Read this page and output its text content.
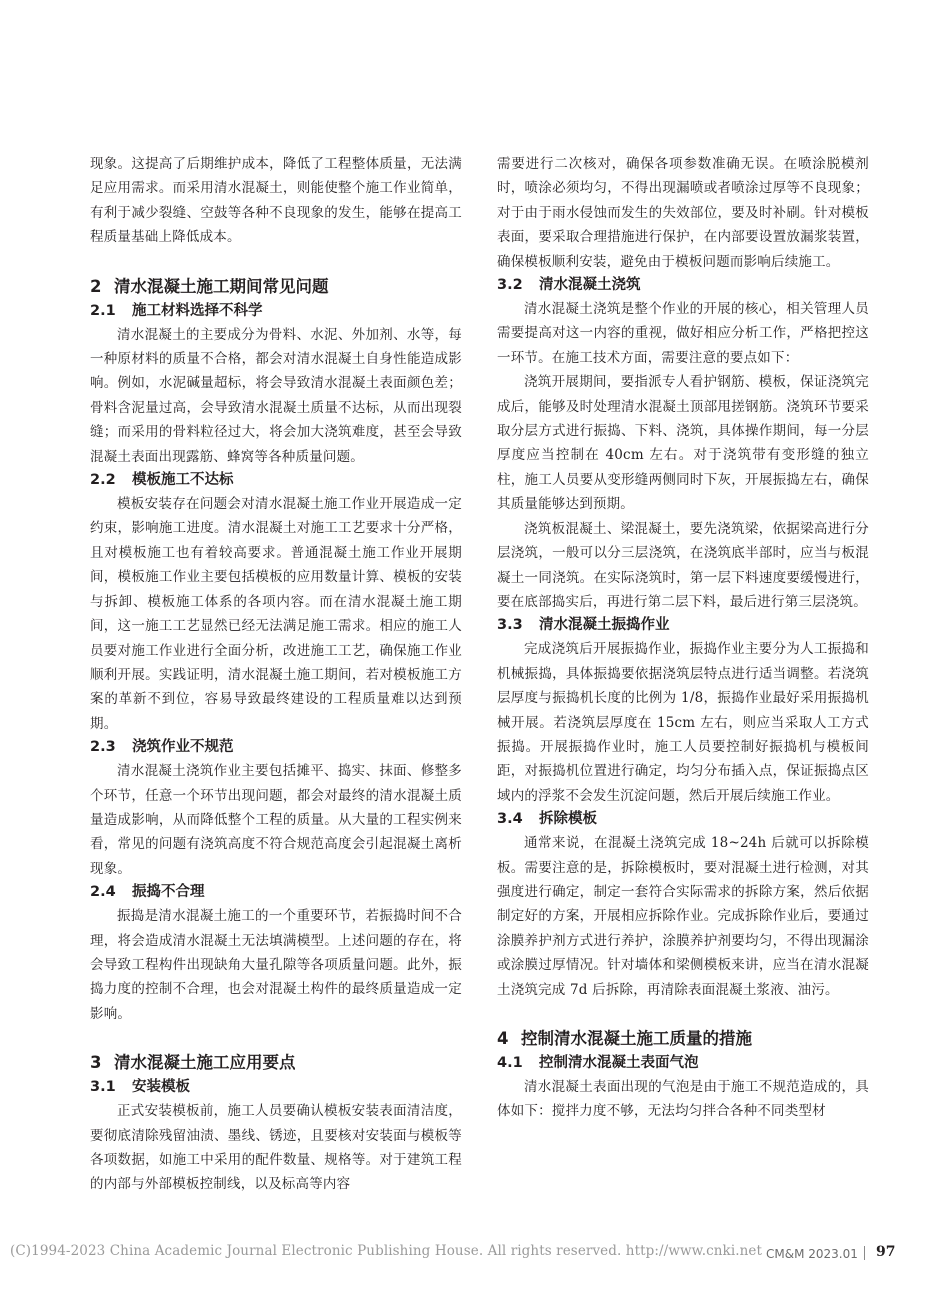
现象。这提高了后期维护成本，降低了工程整体质量，无法满足应用需求。而采用清水混凝土，则能使整个施工作业简单，有利于减少裂缝、空鼓等各种不良现象的发生，能够在提高工程质量基础上降低成本。

2 清水混凝土施工期间常见问题
2.1 施工材料选择不科学

清水混凝土的主要成分为骨料、水泥、外加剂、水等，每一种原材料的质量不合格，都会对清水混凝土自身性能造成影响。例如，水泥碱量超标，将会导致清水混凝土表面颜色差；骨料含泥量过高，会导致清水混凝土质量不达标，从而出现裂缝；而采用的骨料粒径过大，将会加大浇筑难度，甚至会导致混凝土表面出现露筋、蜂窝等各种质量问题。

2.2 模板施工不达标

模板安装存在问题会对清水混凝土施工作业开展造成一定约束，影响施工进度。清水混凝土对施工工艺要求十分严格，且对模板施工也有着较高要求。普通混凝土施工作业开展期间，模板施工作业主要包括模板的应用数量计算、模板的安装与拆卸、模板施工体系的各项内容。而在清水混凝土施工期间，这一施工工艺显然已经无法满足施工需求。相应的施工人员要对施工作业进行全面分析，改进施工工艺，确保施工作业顺利开展。实践证明，清水混凝土施工期间，若对模板施工方案的革新不到位，容易导致最终建设的工程质量难以达到预期。

2.3 浇筑作业不规范

清水混凝土浇筑作业主要包括摊平、捣实、抹面、修整多个环节，任意一个环节出现问题，都会对最终的清水混凝土质量造成影响，从而降低整个工程的质量。从大量的工程实例来看，常见的问题有浇筑高度不符合规范高度会引起混凝土离析现象。

2.4 振捣不合理

振捣是清水混凝土施工的一个重要环节，若振捣时间不合理，将会造成清水混凝土无法填满模型。上述问题的存在，将会导致工程构件出现缺角大量孔隙等各项质量问题。此外，振捣力度的控制不合理，也会对混凝土构件的最终质量造成一定影响。

3 清水混凝土施工应用要点
3.1 安装模板

正式安装模板前，施工人员要确认模板安装表面清洁度，要彻底清除残留油渍、墨线、锈迹，且要核对安装面与模板等各项数据，如施工中采用的配件数量、规格等。对于建筑工程的内部与外部模板控制线，以及标高等内容

需要进行二次核对，确保各项参数准确无误。在喷涂脱模剂时，喷涂必须均匀，不得出现漏喷或者喷涂过厚等不良现象；对于由于雨水侵蚀而发生的失效部位，要及时补刷。针对模板表面，要采取合理措施进行保护，在内部要设置放漏浆装置，确保模板顺利安装，避免由于模板问题而影响后续施工。

3.2 清水混凝土浇筑

清水混凝土浇筑是整个作业的开展的核心，相关管理人员需要提高对这一内容的重视，做好相应分析工作，严格把控这一环节。在施工技术方面，需要注意的要点如下：

浇筑开展期间，要指派专人看护钢筋、模板，保证浇筑完成后，能够及时处理清水混凝土顶部甩搓钢筋。浇筑环节要采取分层方式进行振捣、下料、浇筑，具体操作期间，每一分层厚度应当控制在 40cm 左右。对于浇筑带有变形缝的独立柱，施工人员要从变形缝两侧同时下灰，开展振捣左右，确保其质量能够达到预期。

浇筑板混凝土、梁混凝土，要先浇筑梁，依据梁高进行分层浇筑，一般可以分三层浇筑，在浇筑底半部时，应当与板混凝土一同浇筑。在实际浇筑时，第一层下料速度要缓慢进行，要在底部捣实后，再进行第二层下料，最后进行第三层浇筑。

3.3 清水混凝土振捣作业

完成浇筑后开展振捣作业，振捣作业主要分为人工振捣和机械振捣，具体振捣要依据浇筑层特点进行适当调整。若浇筑层厚度与振捣机长度的比例为 1/8，振捣作业最好采用振捣机械开展。若浇筑层厚度在 15cm 左右，则应当采取人工方式振捣。开展振捣作业时，施工人员要控制好振捣机与模板间距，对振捣机位置进行确定，均匀分布插入点，保证振捣点区域内的浮浆不会发生沉淀问题，然后开展后续施工作业。

3.4 拆除模板

通常来说，在混凝土浇筑完成 18~24h 后就可以拆除模板。需要注意的是，拆除模板时，要对混凝土进行检测，对其强度进行确定，制定一套符合实际需求的拆除方案，然后依据制定好的方案，开展相应拆除作业。完成拆除作业后，要通过涂膜养护剂方式进行养护，涂膜养护剂要均匀，不得出现漏涂或涂膜过厚情况。针对墙体和梁侧模板来讲，应当在清水混凝土浇筑完成 7d 后拆除，再清除表面混凝土浆液、油污。

4 控制清水混凝土施工质量的措施
4.1 控制清水混凝土表面气泡

清水混凝土表面出现的气泡是由于施工不规范造成的，具体如下：搅拌力度不够，无法均匀拌合各种不同类型材

(C)1994-2023 China Academic Journal Electronic Publishing House. All rights reserved. http://www.cnki.net CM&M 2023.01 97
